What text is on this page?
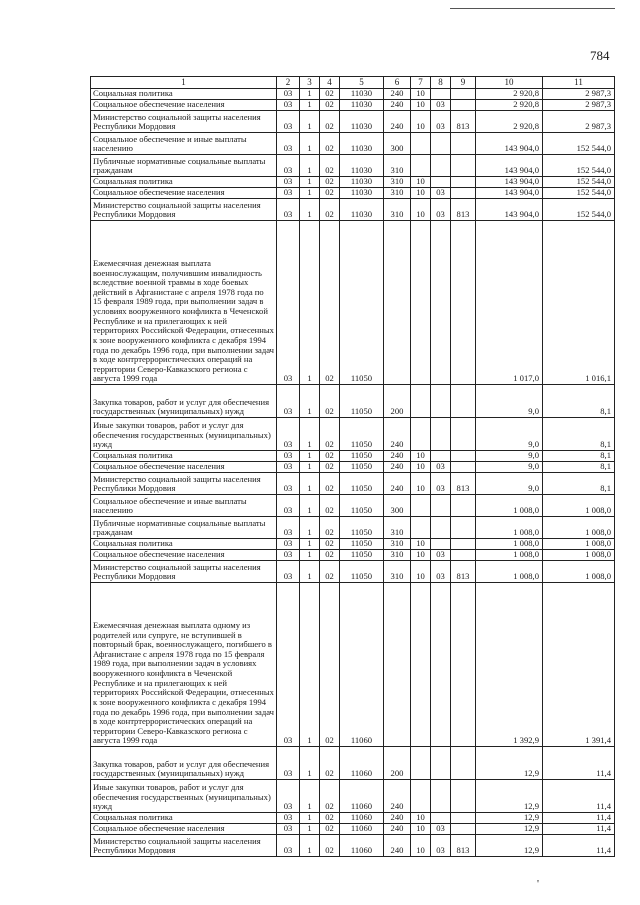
784
1	2	3	4	5	6	7	8	9	10	11
Социальная политика	03	1	02	11030	240	10			2 920,8	2 987,3
Социальное обеспечение населения	03	1	02	11030	240	10	03		2 920,8	2 987,3
Министерство социальной защиты населения Республики Мордовия	03	1	02	11030	240	10	03	813	2 920,8	2 987,3
Социальное обеспечение и иные выплаты населению	03	1	02	11030	300				143 904,0	152 544,0
Публичные нормативные социальные выплаты гражданам	03	1	02	11030	310				143 904,0	152 544,0
Социальная политика	03	1	02	11030	310	10			143 904,0	152 544,0
Социальное обеспечение населения	03	1	02	11030	310	10	03		143 904,0	152 544,0
Министерство социальной защиты населения Республики Мордовия	03	1	02	11030	310	10	03	813	143 904,0	152 544,0
Ежемесячная денежная выплата военнослужащим, получившим инвалидность вследствие военной травмы в ходе боевых действий в Афганистане с апреля 1978 года по 15 февраля 1989 года, при выполнении задач в условиях вооруженного конфликта в Чеченской Республике и на прилегающих к ней территориях Российской Федерации, отнесенных к зоне вооруженного конфликта с декабря 1994 года по декабрь 1996 года, при выполнении задач в ходе контртеррористических операций на территории Северо-Кавказского региона с августа 1999 года	03	1	02	11050					1 017,0	1 016,1
Закупка товаров, работ и услуг для обеспечения государственных (муниципальных) нужд	03	1	02	11050	200				9,0	8,1
Иные закупки товаров, работ и услуг для обеспечения государственных (муниципальных) нужд	03	1	02	11050	240				9,0	8,1
Социальная политика	03	1	02	11050	240	10			9,0	8,1
Социальное обеспечение населения	03	1	02	11050	240	10	03		9,0	8,1
Министерство социальной защиты населения Республики Мордовия	03	1	02	11050	240	10	03	813	9,0	8,1
Социальное обеспечение и иные выплаты населению	03	1	02	11050	300				1 008,0	1 008,0
Публичные нормативные социальные выплаты гражданам	03	1	02	11050	310				1 008,0	1 008,0
Социальная политика	03	1	02	11050	310	10			1 008,0	1 008,0
Социальное обеспечение населения	03	1	02	11050	310	10	03		1 008,0	1 008,0
Министерство социальной защиты населения Республики Мордовия	03	1	02	11050	310	10	03	813	1 008,0	1 008,0
Ежемесячная денежная выплата одному из родителей или супруге, не вступившей в повторный брак, военнослужащего, погибшего в Афганистане с апреля 1978 года по 15 февраля 1989 года, при выполнении задач в условиях вооруженного конфликта в Чеченской Республике и на прилегающих к ней территориях Российской Федерации, отнесенных к зоне вооруженного конфликта с декабря 1994 года по декабрь 1996 года, при выполнении задач в ходе контртеррористических операций на территории Северо-Кавказского региона с августа 1999 года	03	1	02	11060					1 392,9	1 391,4
Закупка товаров, работ и услуг для обеспечения государственных (муниципальных) нужд	03	1	02	11060	200				12,9	11,4
Иные закупки товаров, работ и услуг для обеспечения государственных (муниципальных) нужд	03	1	02	11060	240				12,9	11,4
Социальная политика	03	1	02	11060	240	10			12,9	11,4
Социальное обеспечение населения	03	1	02	11060	240	10	03		12,9	11,4
Министерство социальной защиты населения Республики Мордовия	03	1	02	11060	240	10	03	813	12,9	11,4
'
